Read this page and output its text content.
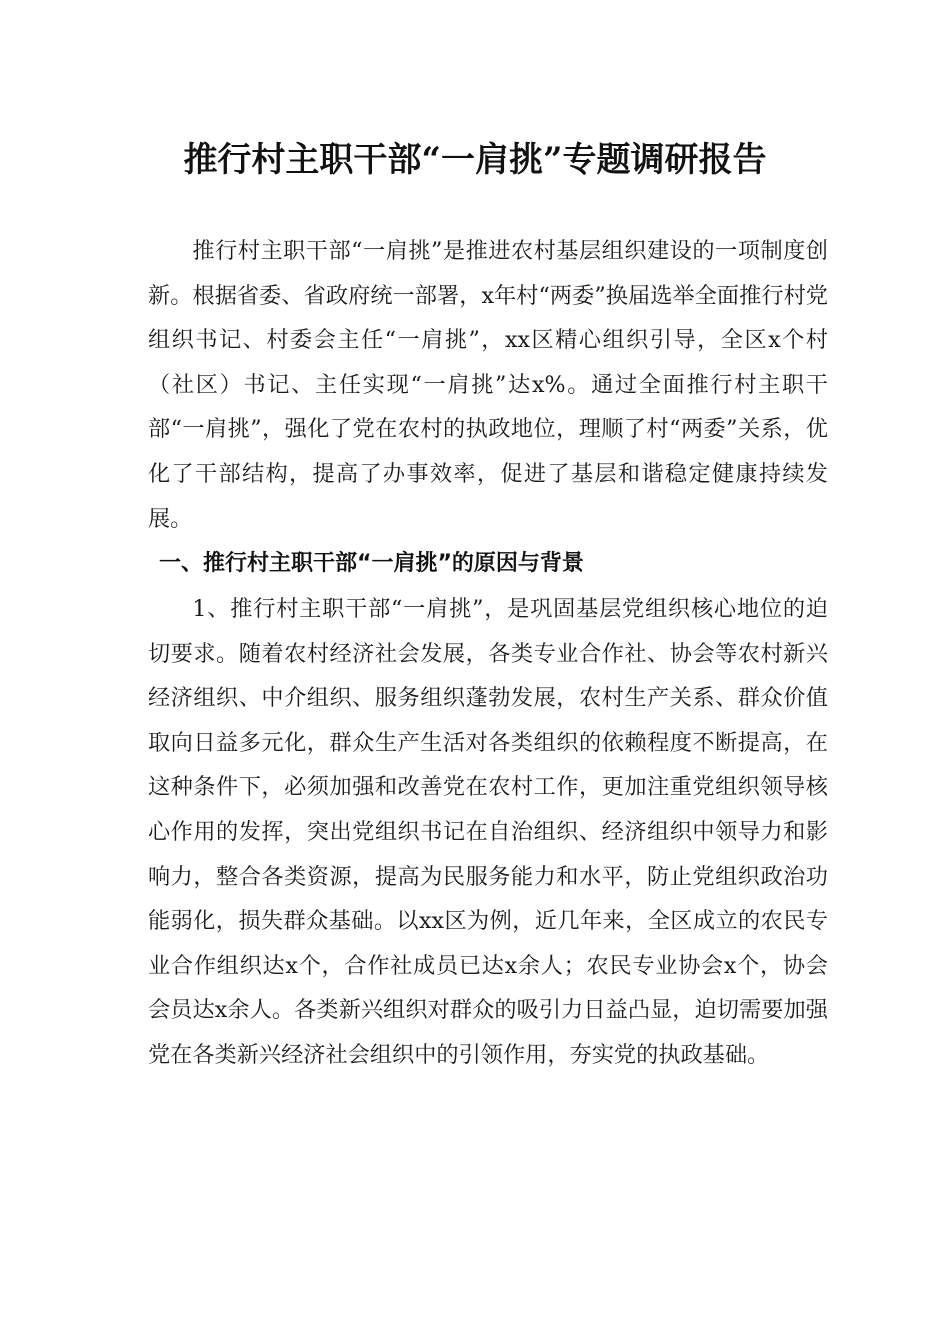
推行村主职干部“一肩挑”专题调研报告

推行村主职干部“一肩挑”是推进农村基层组织建设的一项制度创新。根据省委、省政府统一部署，x年村“两委”换届选举全面推行村党组织书记、村委会主任“一肩挑”，xx区精心组织引导，全区x个村（社区）书记、主任实现“一肩挑”达x%。通过全面推行村主职干部“一肩挑”，强化了党在农村的执政地位，理顺了村“两委”关系，优化了干部结构，提高了办事效率，促进了基层和谐稳定健康持续发展。

一、推行村主职干部“一肩挑”的原因与背景

1、推行村主职干部“一肩挑”，是巩固基层党组织核心地位的迫切要求。随着农村经济社会发展，各类专业合作社、协会等农村新兴经济组织、中介组织、服务组织蓬勃发展，农村生产关系、群众价值取向日益多元化，群众生产生活对各类组织的依赖程度不断提高，在这种条件下，必须加强和改善党在农村工作，更加注重党组织领导核心作用的发挥，突出党组织书记在自治组织、经济组织中领导力和影响力，整合各类资源，提高为民服务能力和水平，防止党组织政治功能弱化，损失群众基础。以xx区为例，近几年来，全区成立的农民专业合作组织达x个，合作社成员已达x余人；农民专业协会x个，协会会员达x余人。各类新兴组织对群众的吸引力日益凸显，迫切需要加强党在各类新兴经济社会组织中的引领作用，夯实党的执政基础。
